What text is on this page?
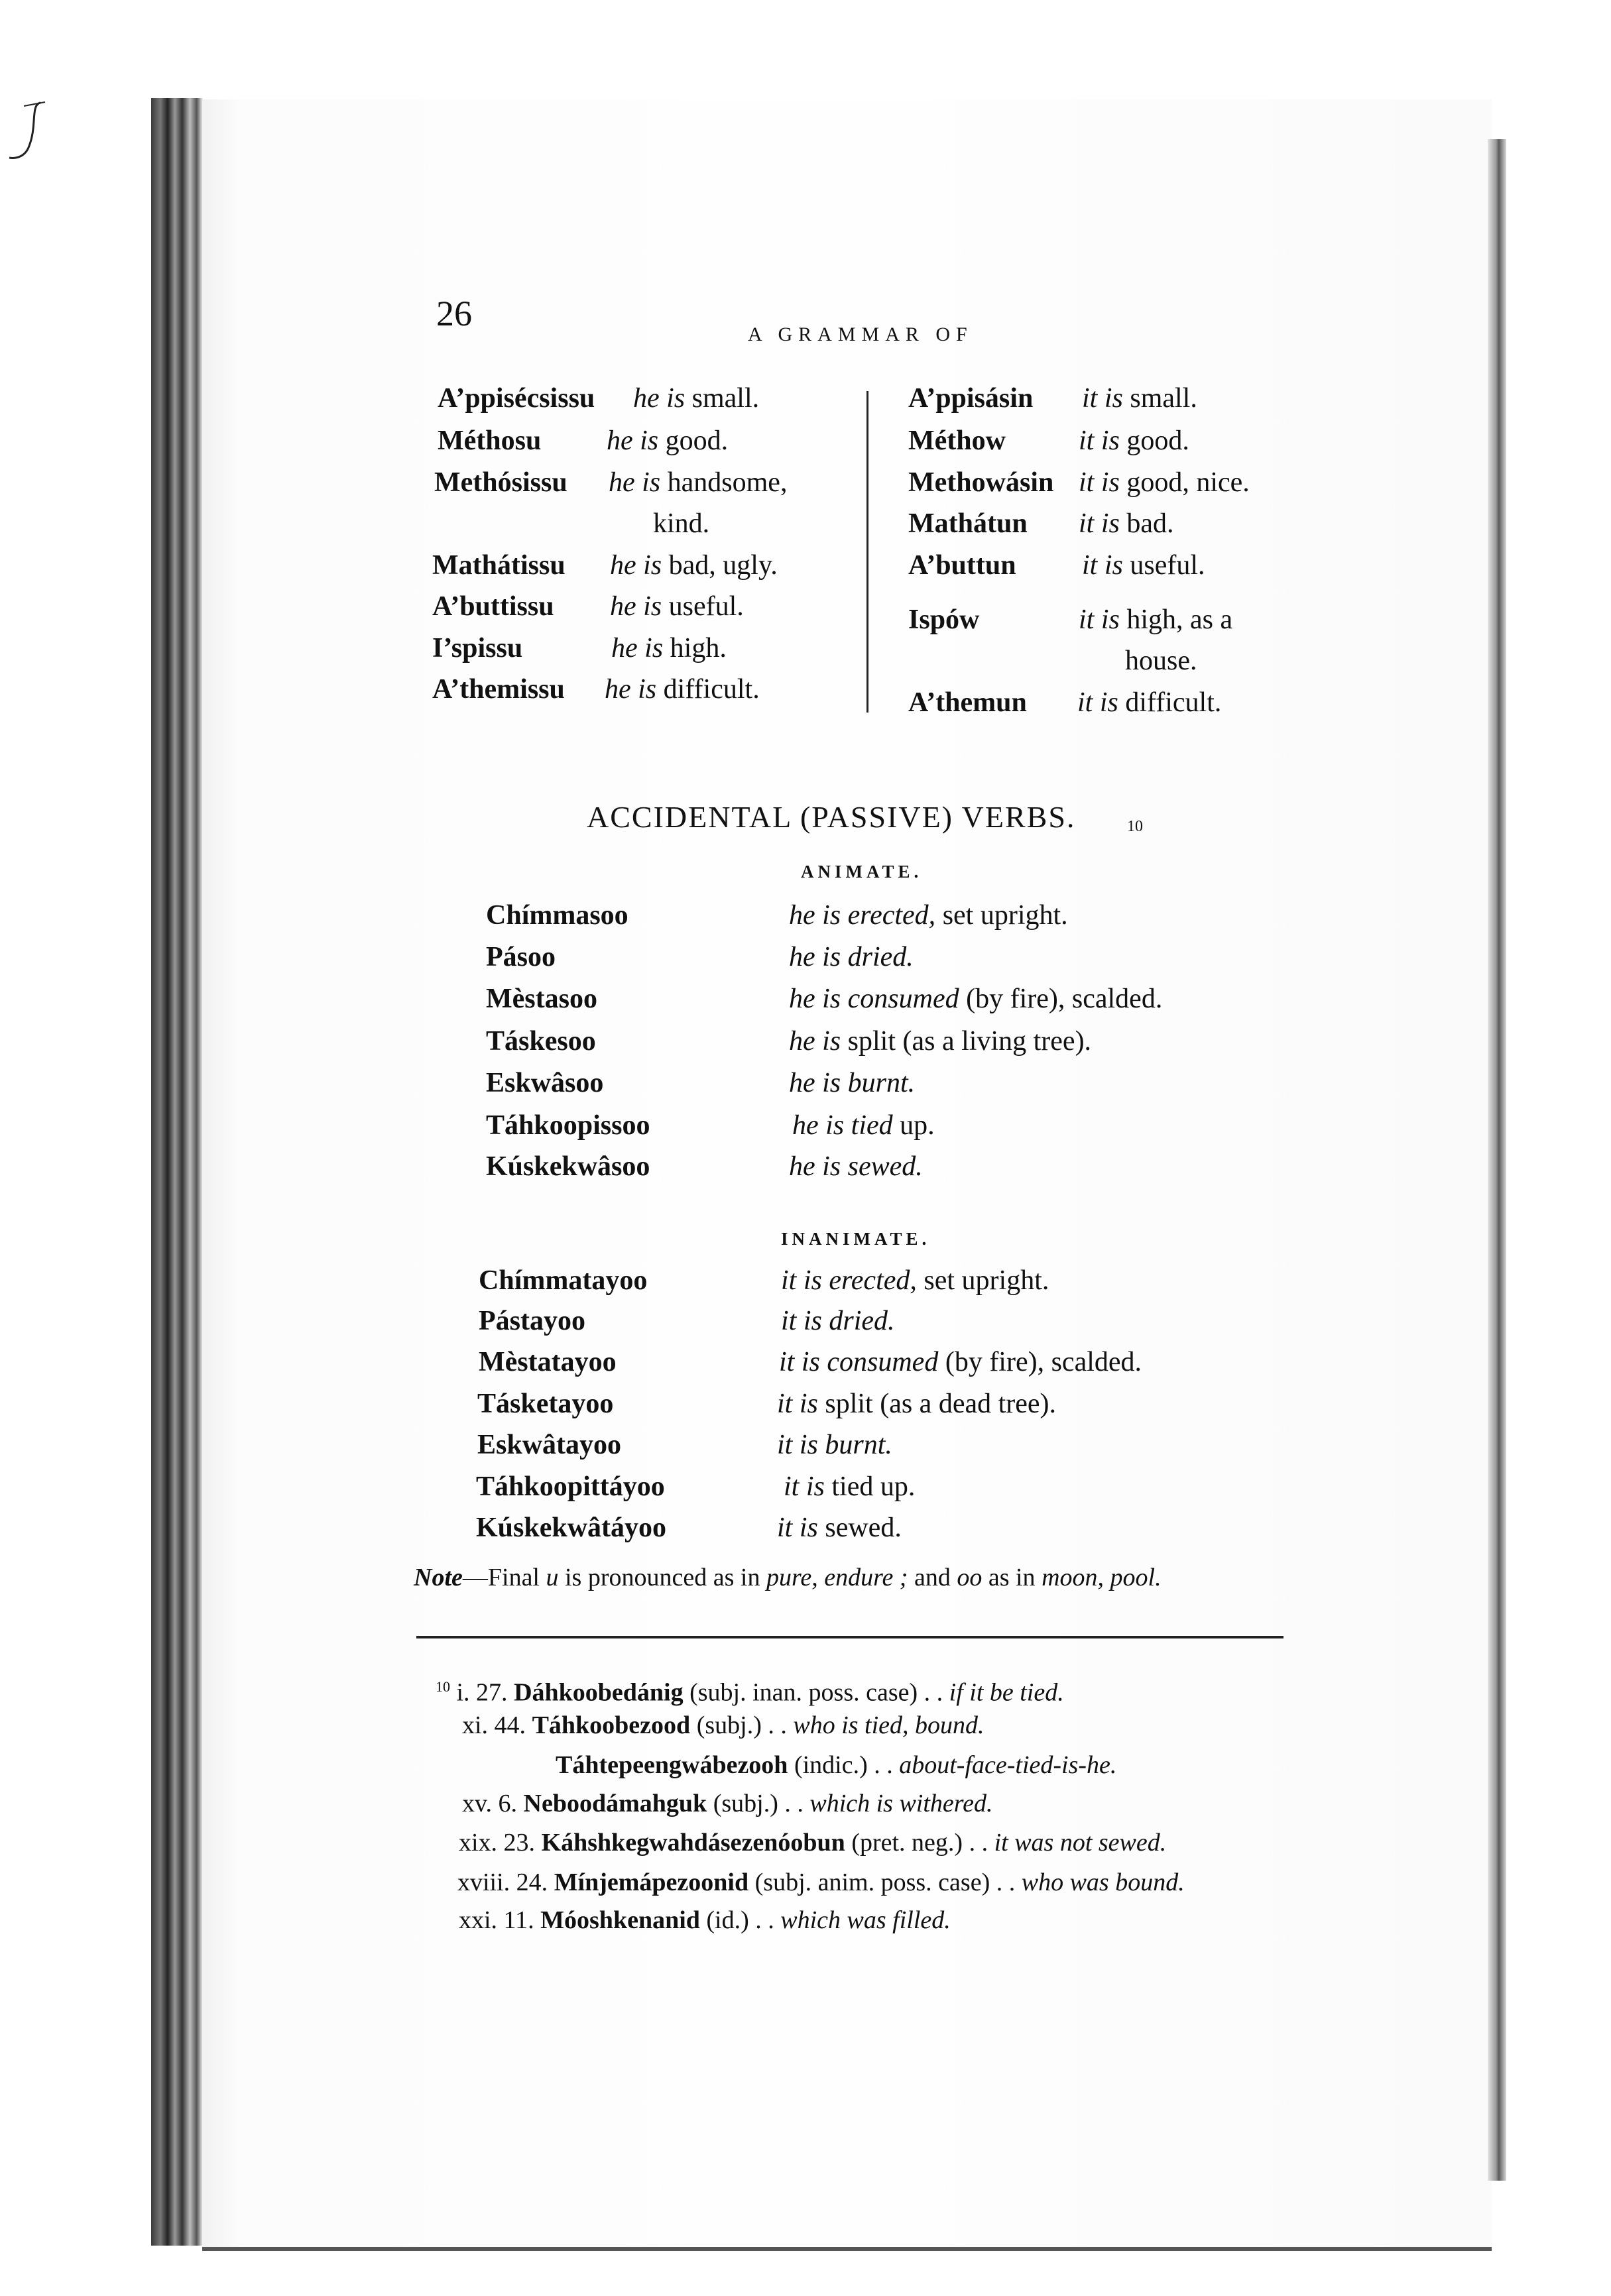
26
A GRAMMAR OF
A’ppisécsissu he is small.
Méthosu he is good.
Methósissu he is handsome,
kind.
Mathátissu he is bad, ugly.
A’buttissu he is useful.
I’spissu	he is high.
A’themissu he is difficult.
A’ppisásin it is small.
Méthow	it is good.
Methowásin it is good, nice.
Mathátun it is bad.
A’buttun it is useful.
Ispów	it is high, as a
house.
A’themun it is difficult.
ACCIDENTAL (PASSIVE) VERBS.	10
ANIMATE.
Chímmasoo	he is erected, set upright.
Pásoo	he is dried.
Mèstasoo	he is consumed (by fire), scalded.
Táskesoo	he is split (as a living tree).
Eskwâsoo	he is burnt.
Táhkoopissoo	he is tied up.
Kúskekwâsoo	he is sewed.
INANIMATE.
Chímmatayoo	it is erected, set upright.
Pástayoo	it is dried.
Mèstatayoo	it is consumed (by fire), scalded.
Tásketayoo	it is split (as a dead tree).
Eskwâtayoo	it is burnt.
Táhkoopittáyoo	it is tied up.
Kúskekwâtáyoo	it is sewed.
Note—Final u is pronounced as in pure, endure ; and oo as in moon, pool.
$^{10}$ i. 27. Dáhkoobedánig (subj. inan. poss. case) . . if it be tied.
xi. 44. Táhkoobezood (subj.) . . who is tied, bound.
Táhtepeengwábezooh (indic.) . . about-face-tied-is-he.
xv. 6. Neboodámahguk (subj.) . . which is withered.
xix. 23. Káhshkegwahdásezenóobun (pret. neg.) . . it was not sewed.
xviii. 24. Mínjemápezoonid (subj. anim. poss. case) . . who was bound.
xxi. 11. Móoshkenanid (id.) . . which was filled.
